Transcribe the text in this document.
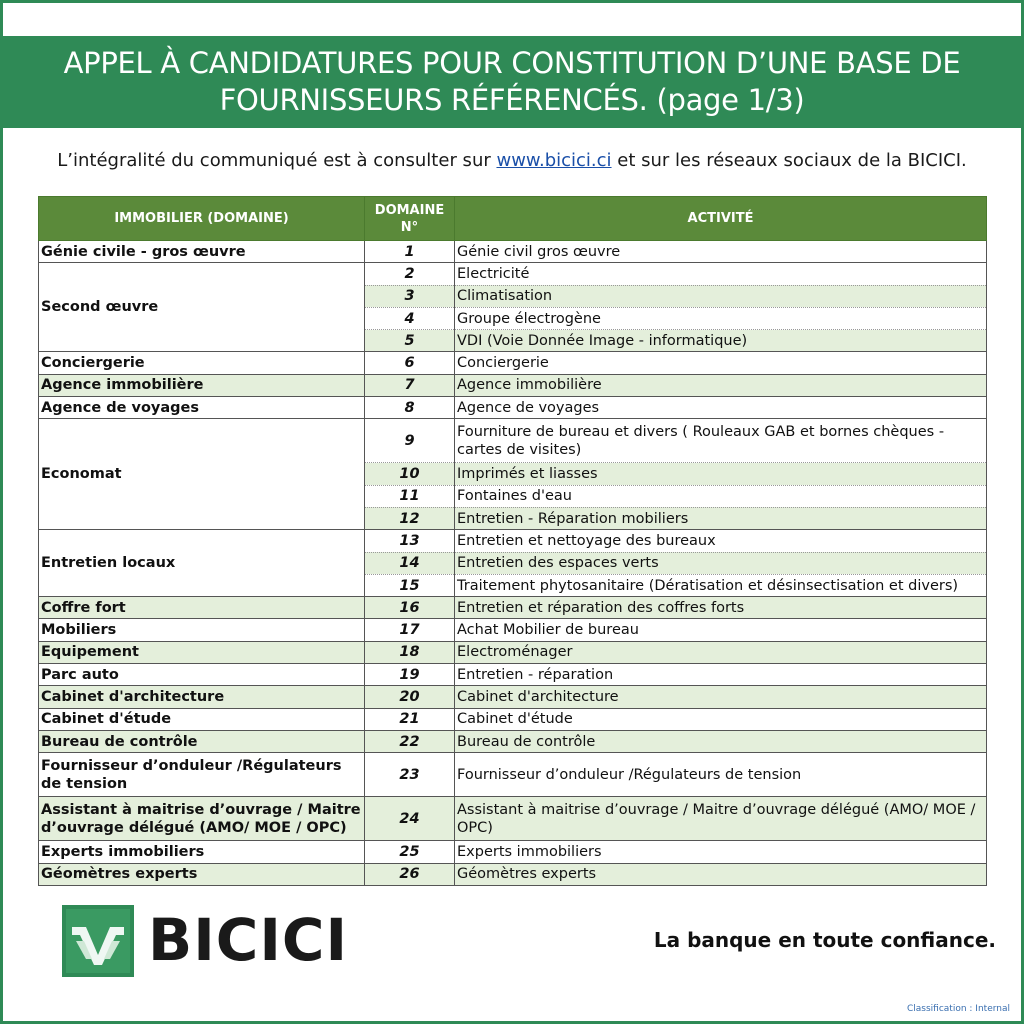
APPEL À CANDIDATURES POUR CONSTITUTION D’UNE BASE DE FOURNISSEURS RÉFÉRENCÉS. (page 1/3)

L’intégralité du communiqué est à consulter sur www.bicici.ci et sur les réseaux sociaux de la BICICI.

IMMOBILIER (DOMAINE)	DOMAINE N°	ACTIVITÉ
Génie civile - gros œuvre	1	Génie civil gros œuvre
Second œuvre	2	Electricité
	3	Climatisation
	4	Groupe électrogène
	5	VDI (Voie Donnée Image - informatique)
Conciergerie	6	Conciergerie
Agence immobilière	7	Agence immobilière
Agence de voyages	8	Agence de voyages
Economat	9	Fourniture de bureau et divers ( Rouleaux GAB et bornes chèques - cartes de visites)
	10	Imprimés et liasses
	11	Fontaines d'eau
	12	Entretien - Réparation mobiliers
Entretien locaux	13	Entretien et nettoyage des bureaux
	14	Entretien des espaces verts
	15	Traitement phytosanitaire (Dératisation et désinsectisation et divers)
Coffre fort	16	Entretien et réparation des coffres forts
Mobiliers	17	Achat Mobilier de bureau
Equipement	18	Electroménager
Parc auto	19	Entretien - réparation
Cabinet d'architecture	20	Cabinet d'architecture
Cabinet d'étude	21	Cabinet d'étude
Bureau de contrôle	22	Bureau de contrôle
Fournisseur d’onduleur /Régulateurs de tension	23	Fournisseur d’onduleur /Régulateurs de tension
Assistant à maitrise d’ouvrage / Maitre d’ouvrage délégué (AMO/ MOE / OPC)	24	Assistant à maitrise d’ouvrage / Maitre d’ouvrage délégué (AMO/ MOE / OPC)
Experts immobiliers	25	Experts immobiliers
Géomètres experts	26	Géomètres experts
BICICI	La banque en toute confiance.
Classification : Internal
